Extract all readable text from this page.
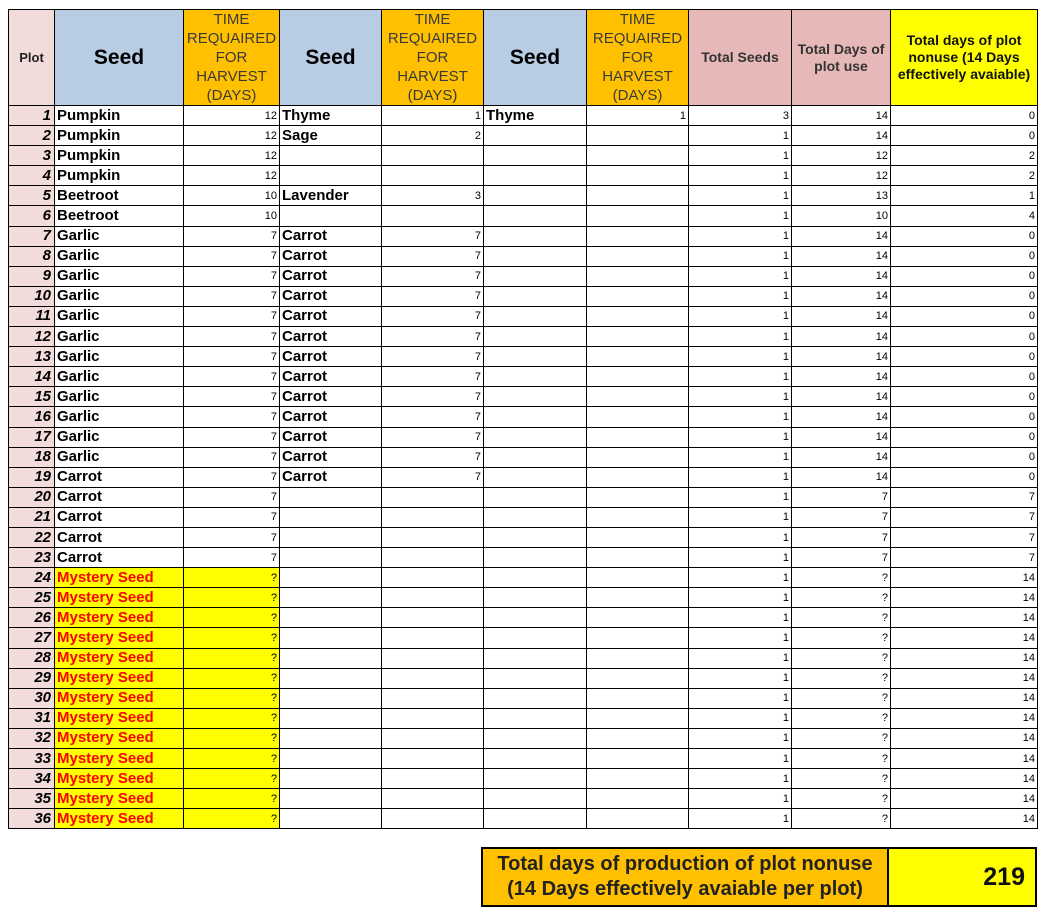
Plot	Seed	TIME REQUAIRED FOR HARVEST (DAYS)	Seed	TIME REQUAIRED FOR HARVEST (DAYS)	Seed	TIME REQUAIRED FOR HARVEST (DAYS)	Total Seeds	Total Days of plot use	Total days of plot nonuse (14 Days effectively avaiable)
1	Pumpkin	12	Thyme	1	Thyme	1	3	14	0
2	Pumpkin	12	Sage	2			1	14	0
3	Pumpkin	12					1	12	2
4	Pumpkin	12					1	12	2
5	Beetroot	10	Lavender	3			1	13	1
6	Beetroot	10					1	10	4
7	Garlic	7	Carrot	7			1	14	0
8	Garlic	7	Carrot	7			1	14	0
9	Garlic	7	Carrot	7			1	14	0
10	Garlic	7	Carrot	7			1	14	0
11	Garlic	7	Carrot	7			1	14	0
12	Garlic	7	Carrot	7			1	14	0
13	Garlic	7	Carrot	7			1	14	0
14	Garlic	7	Carrot	7			1	14	0
15	Garlic	7	Carrot	7			1	14	0
16	Garlic	7	Carrot	7			1	14	0
17	Garlic	7	Carrot	7			1	14	0
18	Garlic	7	Carrot	7			1	14	0
19	Carrot	7	Carrot	7			1	14	0
20	Carrot	7					1	7	7
21	Carrot	7					1	7	7
22	Carrot	7					1	7	7
23	Carrot	7					1	7	7
24	Mystery Seed	?					1	?	14
25	Mystery Seed	?					1	?	14
26	Mystery Seed	?					1	?	14
27	Mystery Seed	?					1	?	14
28	Mystery Seed	?					1	?	14
29	Mystery Seed	?					1	?	14
30	Mystery Seed	?					1	?	14
31	Mystery Seed	?					1	?	14
32	Mystery Seed	?					1	?	14
33	Mystery Seed	?					1	?	14
34	Mystery Seed	?					1	?	14
35	Mystery Seed	?					1	?	14
36	Mystery Seed	?					1	?	14
Total days of production of plot nonuse
(14 Days effectively avaiable per plot)	219
